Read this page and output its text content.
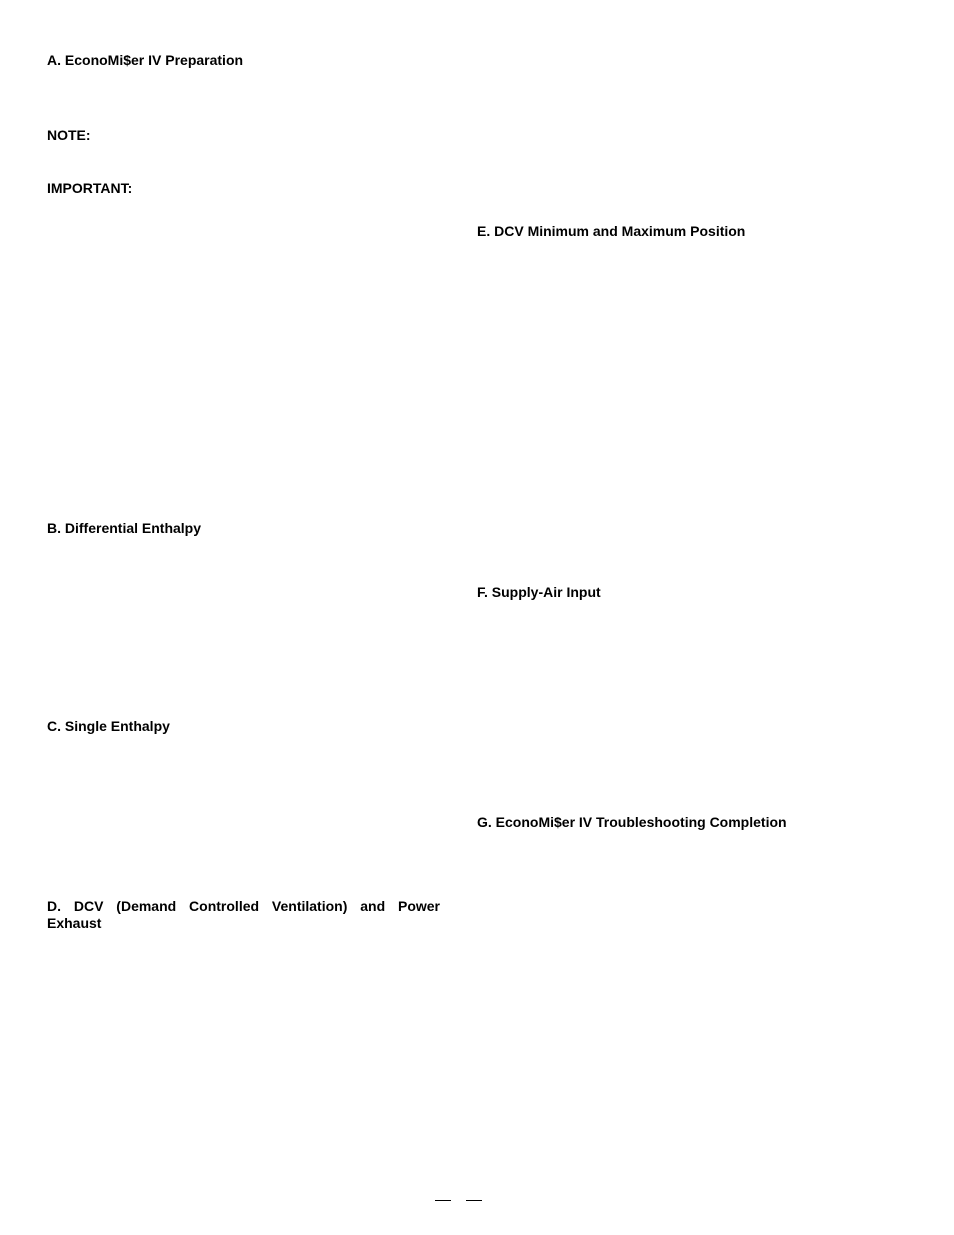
A. EconoMi$er IV Preparation
NOTE:
IMPORTANT:
B. Differential Enthalpy
C. Single Enthalpy
D. DCV (Demand Controlled Ventilation) and Power Exhaust
E. DCV Minimum and Maximum Position
F. Supply-Air Input
G. EconoMi$er IV Troubleshooting Completion
